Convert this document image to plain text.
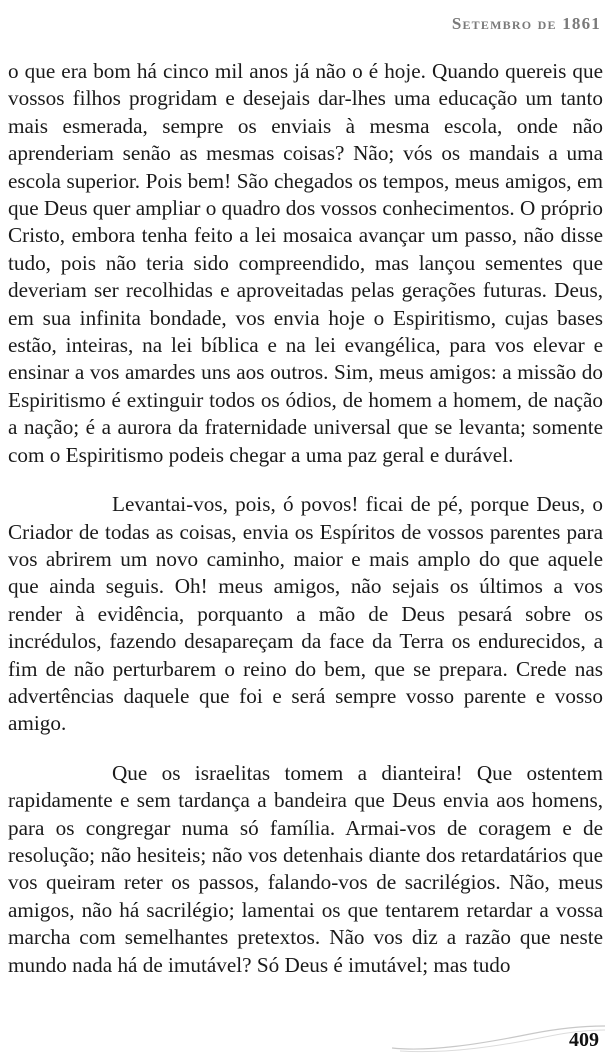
Setembro de 1861

o que era bom há cinco mil anos já não o é hoje. Quando quereis que vossos filhos progridam e desejais dar-lhes uma educação um tanto mais esmerada, sempre os enviais à mesma escola, onde não aprenderiam senão as mesmas coisas? Não; vós os mandais a uma escola superior. Pois bem! São chegados os tempos, meus amigos, em que Deus quer ampliar o quadro dos vossos conhecimentos. O próprio Cristo, embora tenha feito a lei mosaica avançar um passo, não disse tudo, pois não teria sido compreendido, mas lançou sementes que deveriam ser recolhidas e aproveitadas pelas gerações futuras. Deus, em sua infinita bondade, vos envia hoje o Espiritismo, cujas bases estão, inteiras, na lei bíblica e na lei evangélica, para vos elevar e ensinar a vos amardes uns aos outros. Sim, meus amigos: a missão do Espiritismo é extinguir todos os ódios, de homem a homem, de nação a nação; é a aurora da fraternidade universal que se levanta; somente com o Espiritismo podeis chegar a uma paz geral e durável.

Levantai-vos, pois, ó povos! ficai de pé, porque Deus, o Criador de todas as coisas, envia os Espíritos de vossos parentes para vos abrirem um novo caminho, maior e mais amplo do que aquele que ainda seguis. Oh! meus amigos, não sejais os últimos a vos render à evidência, porquanto a mão de Deus pesará sobre os incrédulos, fazendo desapareçam da face da Terra os endurecidos, a fim de não perturbarem o reino do bem, que se prepara. Crede nas advertências daquele que foi e será sempre vosso parente e vosso amigo.

Que os israelitas tomem a dianteira! Que ostentem rapidamente e sem tardança a bandeira que Deus envia aos homens, para os congregar numa só família. Armai-vos de coragem e de resolução; não hesiteis; não vos detenhais diante dos retardatários que vos queiram reter os passos, falando-vos de sacrilégios. Não, meus amigos, não há sacrilégio; lamentai os que tentarem retardar a vossa marcha com semelhantes pretextos. Não vos diz a razão que neste mundo nada há de imutável? Só Deus é imutável; mas tudo

409
